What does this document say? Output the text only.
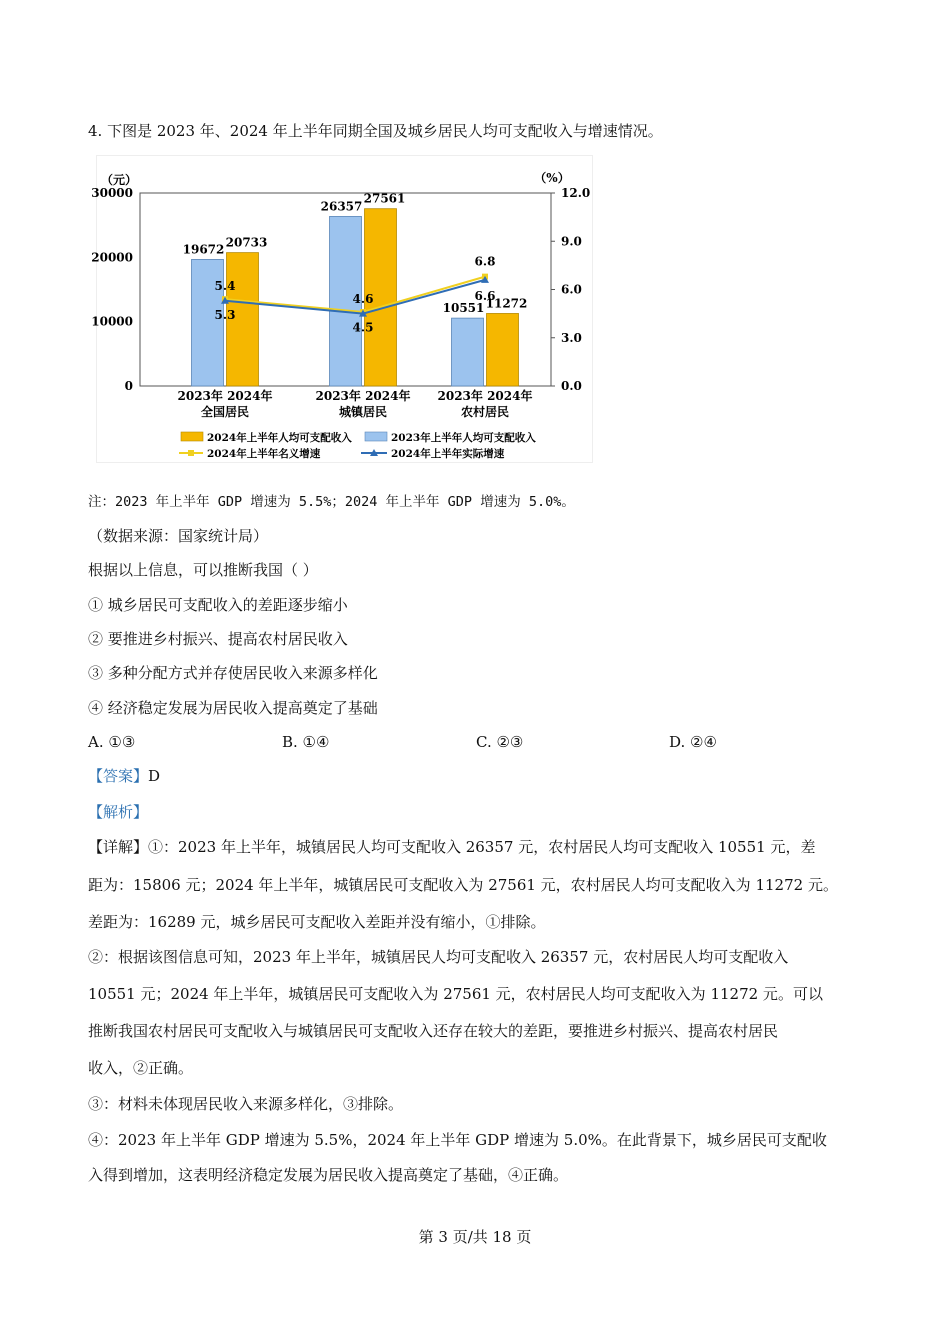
4. 下图是 2023 年、2024 年上半年同期全国及城乡居民人均可支配收入与增速情况。
（元）
30000
20000
10000
0
（%）
12.0
9.0
6.0
3.0
0.0
19672 20733
2023年 2024年
全国居民
26357
27561
2023年 2024年
城镇居民
10551 11272
2023年 2024年
农村居民
5.4
4.6
6.8
5.3
4.5
6.6
2024年上半年人均可支配收入	2023年上半年人均可支配收入
2024年上半年名义增速	2024年上半年实际增速
注：2023 年上半年 GDP 增速为 5.5%；2024 年上半年 GDP 增速为 5.0%。
（数据来源：国家统计局）
根据以上信息，可以推断我国（ ）
① 城乡居民可支配收入的差距逐步缩小
② 要推进乡村振兴、提高农村居民收入
③ 多种分配方式并存使居民收入来源多样化
④ 经济稳定发展为居民收入提高奠定了基础
A. ①③	B. ①④	C. ②③	D. ②④
【答案】D
【解析】
【详解】①：2023 年上半年，城镇居民人均可支配收入 26357 元，农村居民人均可支配收入 10551 元，差
距为：15806 元；2024 年上半年，城镇居民可支配收入为 27561 元，农村居民人均可支配收入为 11272 元。
差距为：16289 元，城乡居民可支配收入差距并没有缩小，①排除。
②：根据该图信息可知，2023 年上半年，城镇居民人均可支配收入 26357 元，农村居民人均可支配收入
10551 元；2024 年上半年，城镇居民可支配收入为 27561 元，农村居民人均可支配收入为 11272 元。可以
推断我国农村居民可支配收入与城镇居民可支配收入还存在较大的差距，要推进乡村振兴、提高农村居民
收入，②正确。
③：材料未体现居民收入来源多样化，③排除。
④：2023 年上半年 GDP 增速为 5.5%，2024 年上半年 GDP 增速为 5.0%。在此背景下，城乡居民可支配收
入得到增加，这表明经济稳定发展为居民收入提高奠定了基础，④正确。
第 3 页/共 18 页
